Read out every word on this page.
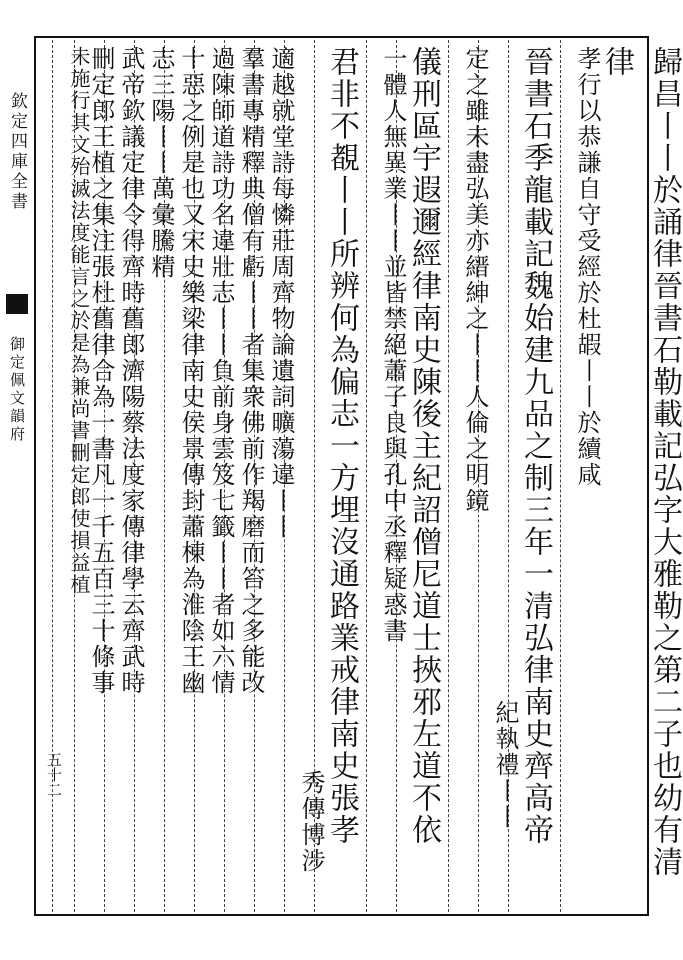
欽定四庫全書
御定佩文韻府
五十二	歸昌丨丨於誦律晉書石勒載記弘字大雅勒之第二子也幼有清律
孝行以恭謙自守受經於杜嘏丨丨於續咸
晉書石季龍載記魏始建九品之制三年一清弘律南史齊高帝
紀執禮丨丨
定之雖未盡弘美亦縉紳之丨丨人倫之明鏡
儀刑區宇遐邇經律南史陳後主紀詔僧尼道士挾邪左道不依
一體人無異業丨丨並皆禁絕蕭子良與孔中丞釋疑惑書
君非不覩丨丨所辨何為偏志一方埋沒通路業戒律南史張孝
秀傳博涉
適越就堂詩每憐莊周齊物論遺詞曠蕩違丨丨
羣書專精釋典僧有虧丨丨者集衆佛前作羯磨而笞之多能改
過陳師道詩功名違壯志丨丨負前身雲笈七籤丨丨者如六情
十惡之例是也又宋史樂梁律南史侯景傳封蕭棟為淮陰王幽
志三陽丨丨萬彙騰精
武帝欽議定律令得齊時舊郎濟陽蔡法度家傳律學云齊武時
刪定郎王植之集注張杜舊律合為一書凡一千五百三十條事
未施行其文殆滅法度能言之於是為兼尚書刪定郎使損益植
